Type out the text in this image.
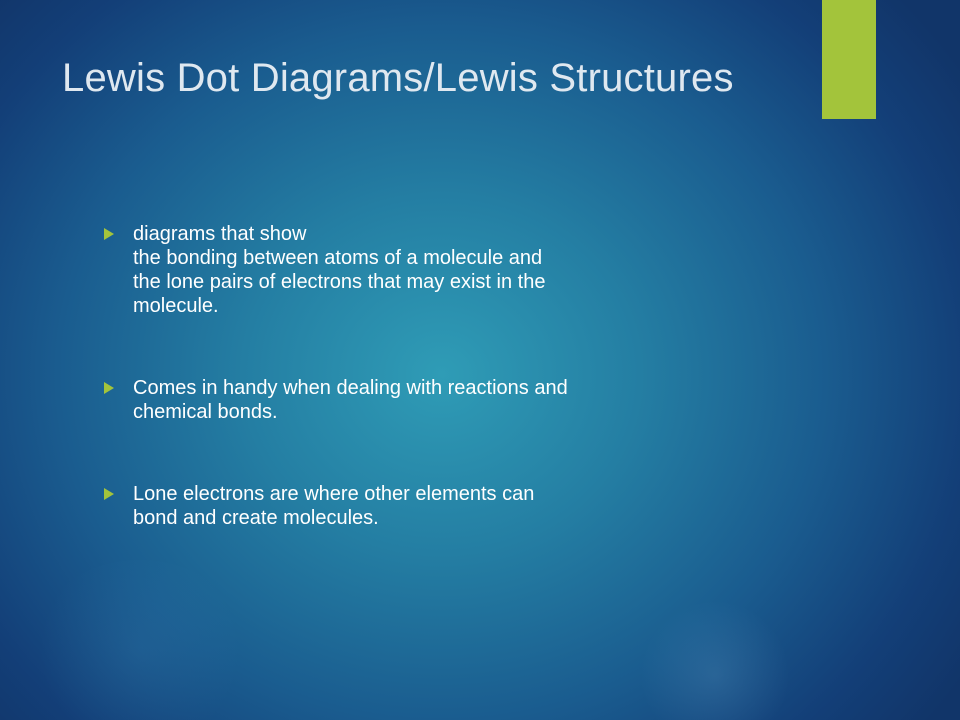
Lewis Dot Diagrams/Lewis Structures
diagrams that show
the bonding between atoms of a molecule and
the lone pairs of electrons that may exist in the
molecule.
Comes in handy when dealing with reactions and
chemical bonds.
Lone electrons are where other elements can
bond and create molecules.
